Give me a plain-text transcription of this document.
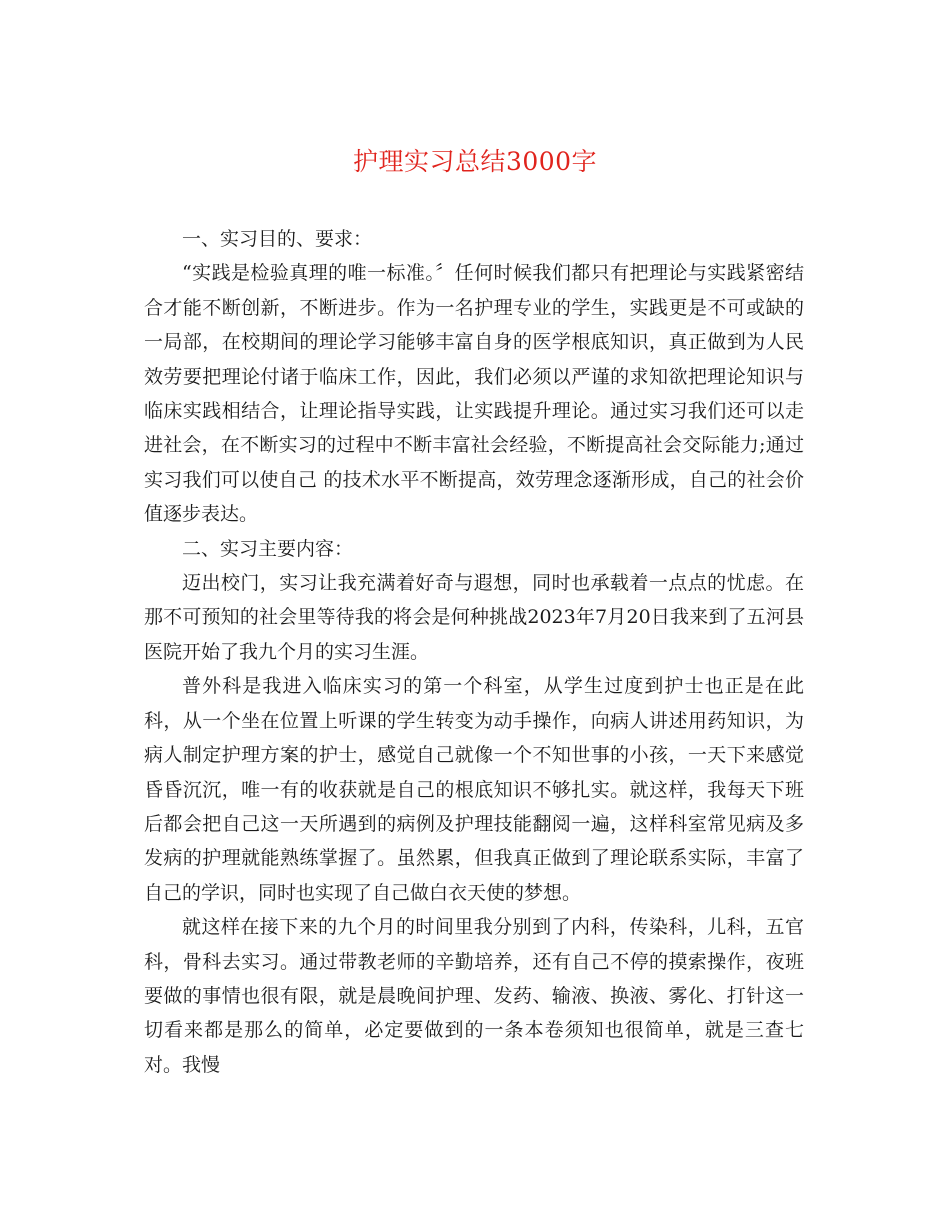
护理实习总结3000字

一、实习目的、要求：

“实践是检验真理的唯一标准。〞任何时候我们都只有把理论与实践紧密结合才能不断创新，不断进步。作为一名护理专业的学生，实践更是不可或缺的一局部，在校期间的理论学习能够丰富自身的医学根底知识，真正做到为人民效劳要把理论付诸于临床工作，因此，我们必须以严谨的求知欲把理论知识与临床实践相结合，让理论指导实践，让实践提升理论。通过实习我们还可以走进社会，在不断实习的过程中不断丰富社会经验，不断提高社会交际能力;通过实习我们可以使自己 的技术水平不断提高，效劳理念逐渐形成，自己的社会价值逐步表达。

二、实习主要内容：

迈出校门，实习让我充满着好奇与遐想，同时也承载着一点点的忧虑。在那不可预知的社会里等待我的将会是何种挑战2023年7月20日我来到了五河县医院开始了我九个月的实习生涯。

普外科是我进入临床实习的第一个科室，从学生过度到护士也正是在此科，从一个坐在位置上听课的学生转变为动手操作，向病人讲述用药知识，为病人制定护理方案的护士，感觉自己就像一个不知世事的小孩，一天下来感觉昏昏沉沉，唯一有的收获就是自己的根底知识不够扎实。就这样，我每天下班后都会把自己这一天所遇到的病例及护理技能翻阅一遍，这样科室常见病及多发病的护理就能熟练掌握了。虽然累，但我真正做到了理论联系实际，丰富了自己的学识，同时也实现了自己做白衣天使的梦想。

就这样在接下来的九个月的时间里我分别到了内科，传染科，儿科，五官科，骨科去实习。通过带教老师的辛勤培养，还有自己不停的摸索操作，夜班要做的事情也很有限，就是晨晚间护理、发药、输液、换液、雾化、打针这一切看来都是那么的简单，必定要做到的一条本卷须知也很简单，就是三查七对。我慢
